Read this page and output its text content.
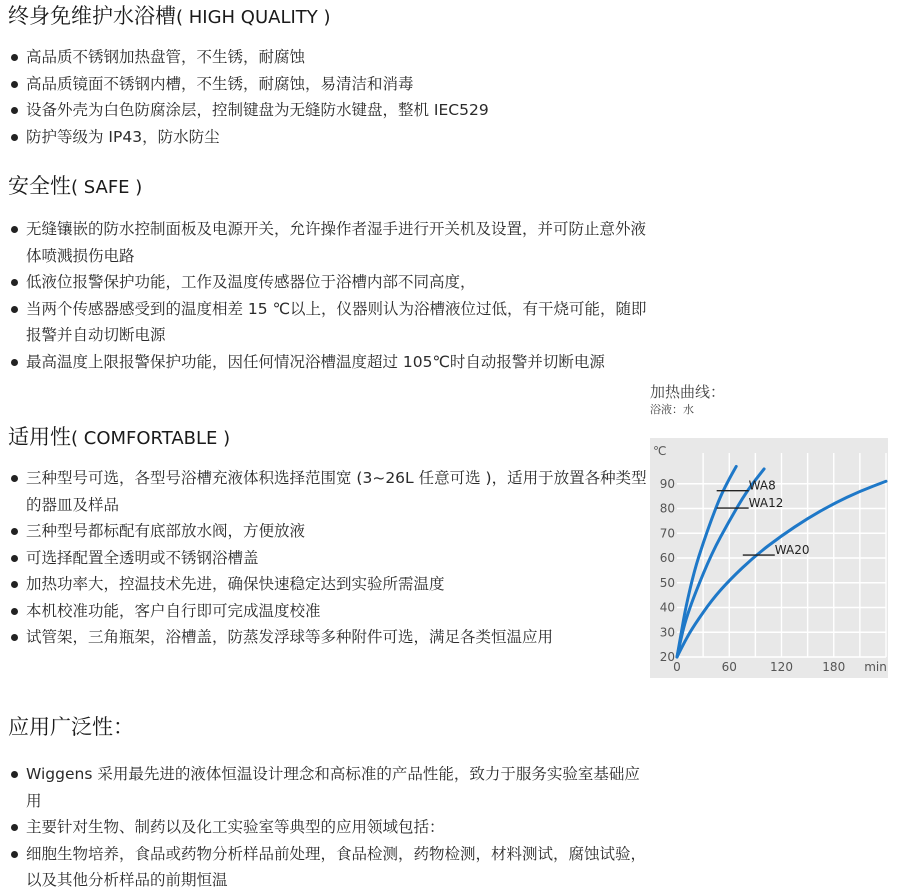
终身免维护水浴槽( HIGH QUALITY )
高品质不锈钢加热盘管，不生锈，耐腐蚀
高品质镜面不锈钢内槽，不生锈，耐腐蚀，易清洁和消毒
设备外壳为白色防腐涂层，控制键盘为无缝防水键盘，整机 IEC529
防护等级为 IP43，防水防尘
安全性( SAFE )
无缝镶嵌的防水控制面板及电源开关，允许操作者湿手进行开关机及设置，并可防止意外液体喷溅损伤电路
低液位报警保护功能，工作及温度传感器位于浴槽内部不同高度，
当两个传感器感受到的温度相差 15 ℃以上，仪器则认为浴槽液位过低，有干烧可能，随即报警并自动切断电源
最高温度上限报警保护功能，因任何情况浴槽温度超过 105℃时自动报警并切断电源
适用性( COMFORTABLE )
三种型号可选，各型号浴槽充液体积选择范围宽 (3~26L 任意可选 )，适用于放置各种类型的器皿及样品
三种型号都标配有底部放水阀，方便放液
可选择配置全透明或不锈钢浴槽盖
加热功率大，控温技术先进，确保快速稳定达到实验所需温度
本机校准功能，客户自行即可完成温度校准
试管架，三角瓶架，浴槽盖，防蒸发浮球等多种附件可选，满足各类恒温应用
应用广泛性：
Wiggens 采用最先进的液体恒温设计理念和高标准的产品性能，致力于服务实验室基础应用
主要针对生物、制药以及化工实验室等典型的应用领域包括：
细胞生物培养，食品或药物分析样品前处理，食品检测，药物检测，材料测试，腐蚀试验，以及其他分析样品的前期恒温
加热曲线：
浴液：水
20
30
40
50
60
70
80
90
0	60	120 180 min
WA8
WA12
WA20
℃
